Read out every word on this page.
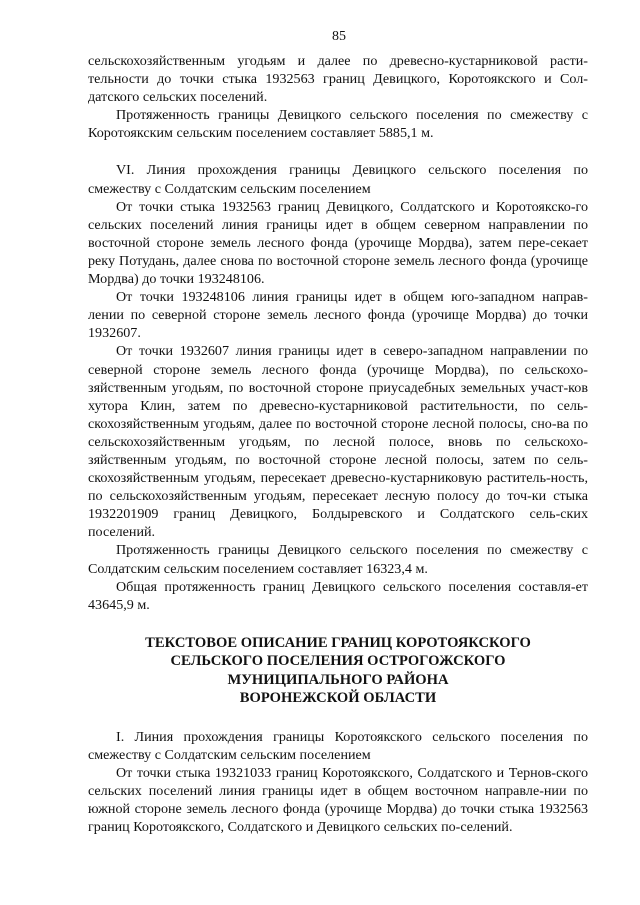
85

сельскохозяйственным угодьям и далее по древесно-кустарниковой расти-тельности до точки стыка 1932563 границ Девицкого, Коротоякского и Сол-датского сельских поселений.

Протяженность границы Девицкого сельского поселения по смежеству с Коротоякским сельским поселением составляет 5885,1 м.

VI. Линия прохождения границы Девицкого сельского поселения по смежеству с Солдатским сельским поселением

От точки стыка 1932563 границ Девицкого, Солдатского и Коротоякско-го сельских поселений линия границы идет в общем северном направлении по восточной стороне земель лесного фонда (урочище Мордва), затем пере-секает реку Потудань, далее снова по восточной стороне земель лесного фонда (урочище Мордва) до точки 193248106.

От точки 193248106 линия границы идет в общем юго-западном направ-лении по северной стороне земель лесного фонда (урочище Мордва) до точки 1932607.

От точки 1932607 линия границы идет в северо-западном направлении по северной стороне земель лесного фонда (урочище Мордва), по сельскохо-зяйственным угодьям, по восточной стороне приусадебных земельных участ-ков хутора Клин, затем по древесно-кустарниковой растительности, по сель-скохозяйственным угодьям, далее по восточной стороне лесной полосы, сно-ва по сельскохозяйственным угодьям, по лесной полосе, вновь по сельскохо-зяйственным угодьям, по восточной стороне лесной полосы, затем по сель-скохозяйственным угодьям, пересекает древесно-кустарниковую раститель-ность, по сельскохозяйственным угодьям, пересекает лесную полосу до точ-ки стыка 1932201909 границ Девицкого, Болдыревского и Солдатского сель-ских поселений.

Протяженность границы Девицкого сельского поселения по смежеству с Солдатским сельским поселением составляет 16323,4 м.

Общая протяженность границ Девицкого сельского поселения составля-ет 43645,9 м.

ТЕКСТОВОЕ ОПИСАНИЕ ГРАНИЦ КОРОТОЯКСКОГО
СЕЛЬСКОГО ПОСЕЛЕНИЯ ОСТРОГОЖСКОГО
МУНИЦИПАЛЬНОГО РАЙОНА
ВОРОНЕЖСКОЙ ОБЛАСТИ

I. Линия прохождения границы Коротоякского сельского поселения по смежеству с Солдатским сельским поселением

От точки стыка 19321033 границ Коротоякского, Солдатского и Тернов-ского сельских поселений линия границы идет в общем восточном направле-нии по южной стороне земель лесного фонда (урочище Мордва) до точки стыка 1932563 границ Коротоякского, Солдатского и Девицкого сельских по-селений.
